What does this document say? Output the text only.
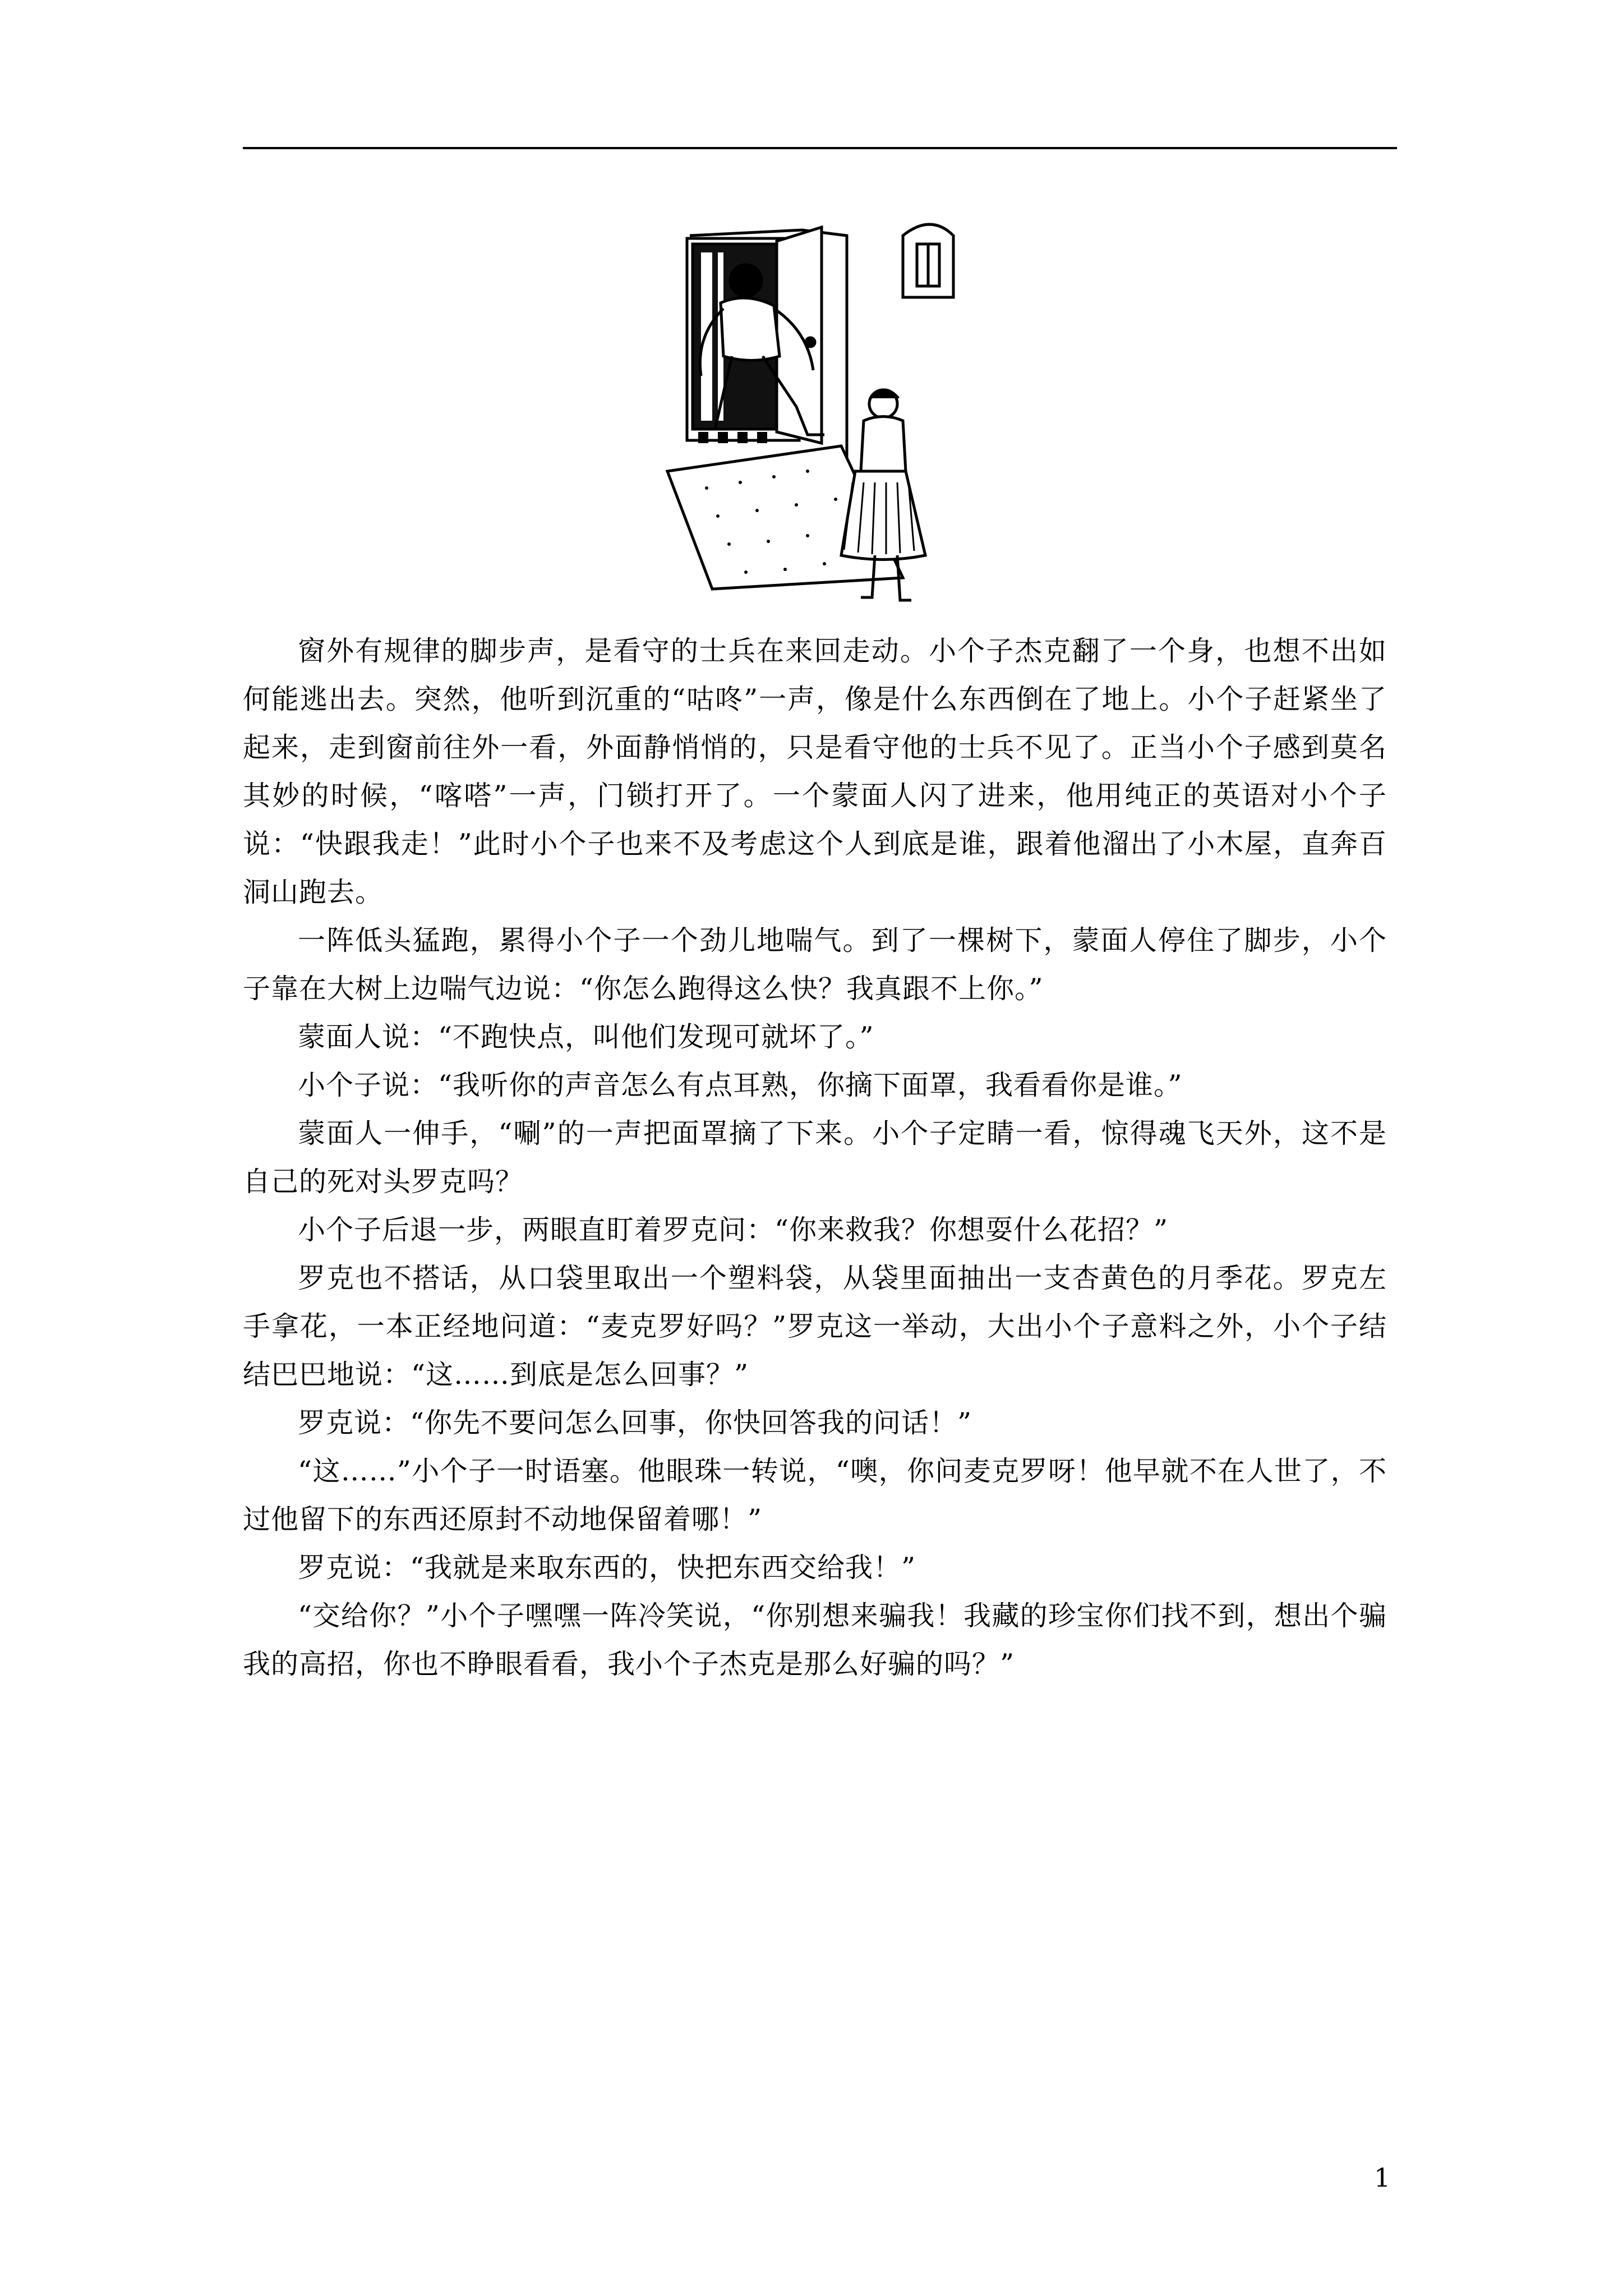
窗外有规律的脚步声，是看守的士兵在来回走动。小个子杰克翻了一个身，也想不出如何能逃出去。突然，他听到沉重的“咕咚”一声，像是什么东西倒在了地上。小个子赶紧坐了起来，走到窗前往外一看，外面静悄悄的，只是看守他的士兵不见了。正当小个子感到莫名其妙的时候，“喀嗒”一声，门锁打开了。一个蒙面人闪了进来，他用纯正的英语对小个子说：“快跟我走！”此时小个子也来不及考虑这个人到底是谁，跟着他溜出了小木屋，直奔百洞山跑去。

一阵低头猛跑，累得小个子一个劲儿地喘气。到了一棵树下，蒙面人停住了脚步，小个子靠在大树上边喘气边说：“你怎么跑得这么快？我真跟不上你。”

蒙面人说：“不跑快点，叫他们发现可就坏了。”

小个子说：“我听你的声音怎么有点耳熟，你摘下面罩，我看看你是谁。”

蒙面人一伸手，“唰”的一声把面罩摘了下来。小个子定睛一看，惊得魂飞天外，这不是自己的死对头罗克吗？

小个子后退一步，两眼直盯着罗克问：“你来救我？你想耍什么花招？”

罗克也不搭话，从口袋里取出一个塑料袋，从袋里面抽出一支杏黄色的月季花。罗克左手拿花，一本正经地问道：“麦克罗好吗？”罗克这一举动，大出小个子意料之外，小个子结结巴巴地说：“这……到底是怎么回事？”

罗克说：“你先不要问怎么回事，你快回答我的问话！”

“这……”小个子一时语塞。他眼珠一转说，“噢，你问麦克罗呀！他早就不在人世了，不过他留下的东西还原封不动地保留着哪！”

罗克说：“我就是来取东西的，快把东西交给我！”

“交给你？”小个子嘿嘿一阵冷笑说，“你别想来骗我！我藏的珍宝你们找不到，想出个骗我的高招，你也不睁眼看看，我小个子杰克是那么好骗的吗？”

1
